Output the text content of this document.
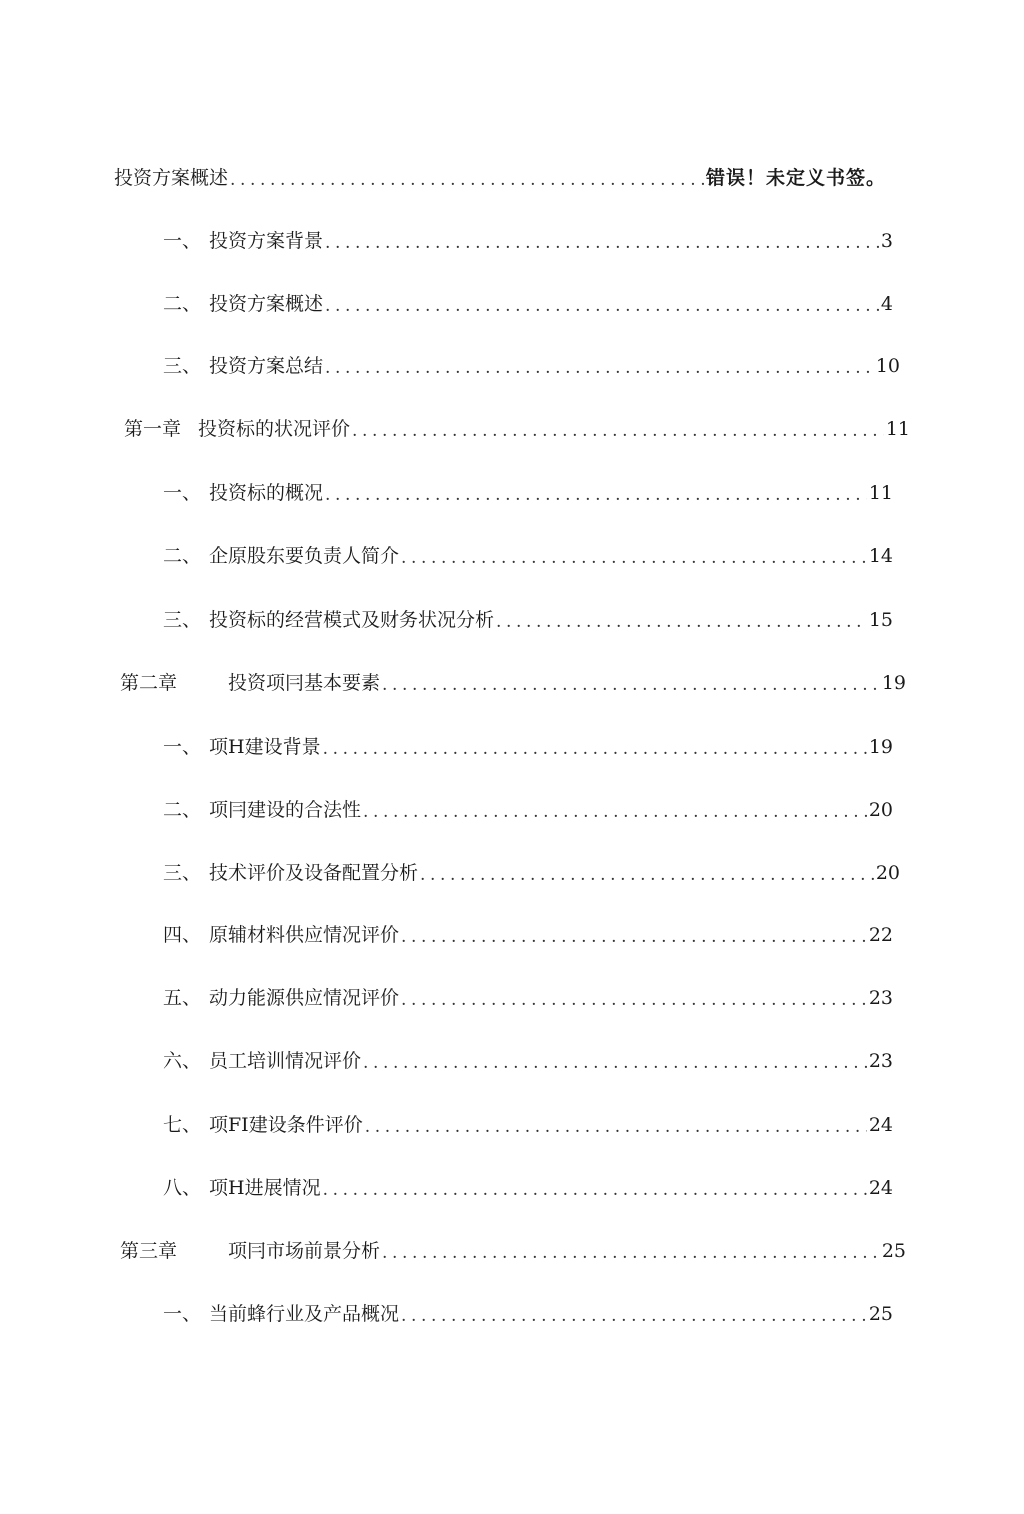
投资方案概述 .....	错误！未定义书签。
一、 投资方案背景 .....	3
二、 投资方案概述 .....	4
三、 投资方案总结 .....	10
第一章 投资标的状况评价 .....	11
一、 投资标的概况 .....	11
二、 企原股东要负责人简介 .....	14
三、 投资标的经营模式及财务状况分析 .....	15
第二章	投资项冃基本要素 .....	19
一、 项H建设背景 .....	19
二、 项冃建设的合法性 .....	20
三、 技术评价及设备配置分析 .....	20
四、 原辅材料供应情况评价 .....	22
五、 动力能源供应情况评价 .....	23
六、 员工培训情况评价 .....	23
七、 项FI建设条件评价 .....	24
八、 项H进展情况 .....	24
第三章	项冃市场前景分析 .....	25
一、 当前蜂行业及产品概况 .....	25
